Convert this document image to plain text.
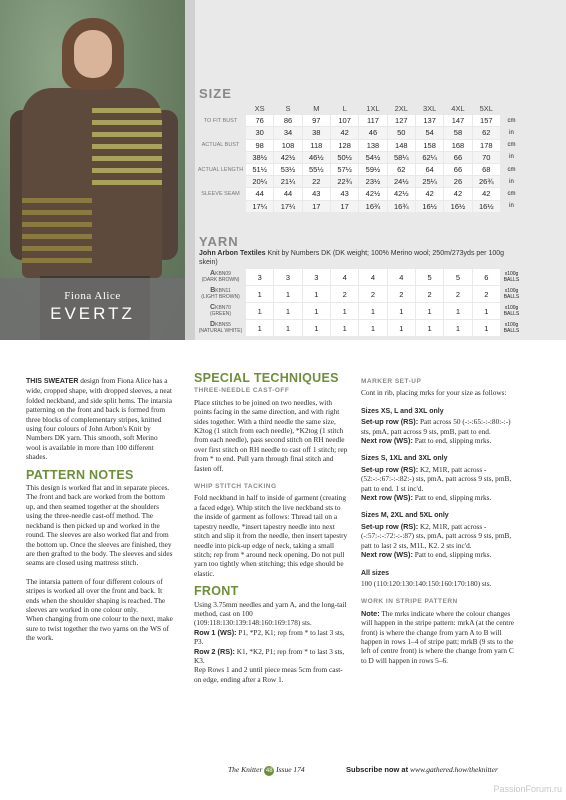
Fiona Alice
EVERTZ
SIZE
	XS	S	M	L	1XL	2XL	3XL	4XL	5XL	
TO FIT BUST	76	86	97	107	117	127	137	147	157	cm
	30	34	38	42	46	50	54	58	62	in
ACTUAL BUST	98	108	118	128	138	148	158	168	178	cm
	38½	42½	46½	50½	54½	58¼	62¼	66	70	in
ACTUAL LENGTH	51½	53½	55½	57½	59½	62	64	66	68	cm
	20¼	21¼	22	22¾	23½	24½	25¼	26	26¾	in
SLEEVE SEAM	44	44	43	43	42½	42½	42	42	42	cm
	17¼	17¼	17	17	16¾	16¾	16½	16½	16½	in
YARN
John Arbon Textiles Knit by Numbers DK (DK weight; 100% Merino wool; 250m/273yds per 100g skein)
AKBN09
(DARK BROWN)	3	3	3	4	4	4	5	5	6	x100g BALLS
BKBN11
(LIGHT BROWN)	1	1	1	2	2	2	2	2	2	x100g BALLS
CKBN70
(GREEN)	1	1	1	1	1	1	1	1	1	x100g BALLS
DKBN55
(NATURAL WHITE)	1	1	1	1	1	1	1	1	1	x100g BALLS

THIS SWEATER design from Fiona Alice has a wide, cropped shape, with dropped sleeves, a neat folded neckband, and side split hems. The intarsia patterning on the front and back is formed from three blocks of complementary stripes, knitted using four colours of John Arbon's Knit by Numbers DK yarn. This smooth, soft Merino wool is available in more than 100 different shades.

PATTERN NOTES

This design is worked flat and in separate pieces. The front and back are worked from the bottom up, and then seamed together at the shoulders using the three-needle cast-off method. The neckband is then picked up and worked in the round. The sleeves are also worked flat and from the bottom up. Once the sleeves are finished, they are then grafted to the body. The sleeves and sides seams are closed using mattress stitch.

The intarsia pattern of four different colours of stripes is worked all over the front and back. It ends when the shoulder shaping is reached. The sleeves are worked in one colour only.

When changing from one colour to the next, make sure to twist together the two yarns on the WS of the work.

SPECIAL TECHNIQUES
THREE-NEEDLE CAST-OFF

Place stitches to be joined on two needles, with points facing in the same direction, and with right sides together. With a third needle the same size, K2tog (1 stitch from each needle), *K2tog (1 stitch from each needle), pass second stitch on RH needle over first stitch on RH needle to cast off 1 stitch; rep from * to end. Pull yarn through final stitch and fasten off.

WHIP STITCH TACKING

Fold neckband in half to inside of garment (creating a faced edge). Whip stitch the live neckband sts to the inside of garment as follows: Thread tail on a tapestry needle, *insert tapestry needle into next stitch and slip it from the needle, then insert tapestry needle into pick-up edge of neck, taking a small stitch; rep from * around neck opening. Do not pull yarn too tightly when stitching; this edge should be elastic.

FRONT

Using 3.75mm needles and yarn A, and the long-tail method, cast on 100 (109:118:130:139:148:160:169:178) sts.

Row 1 (WS): P1, *P2, K1; rep from * to last 3 sts, P3.

Row 2 (RS): K1, *K2, P1; rep from * to last 3 sts, K3.

Rep Rows 1 and 2 until piece meas 5cm from cast-on edge, ending after a Row 1.

MARKER SET-UP

Cont in rib, placing mrks for your size as follows:

Sizes XS, L and 3XL only

Set-up row (RS): Patt across 50 (-:-:65:-:-:80:-:-) sts, pmA, patt across 9 sts, pmB, patt to end.

Next row (WS): Patt to end, slipping mrks.

Sizes S, 1XL and 3XL only

Set-up row (RS): K2, M1R, patt across - (52:-:-:67:-:-:82:-) sts, pmA, patt across 9 sts, pmB, patt to end. 1 st inc'd.

Next row (WS): Patt to end, slipping mrks.

Sizes M, 2XL and 5XL only

Set-up row (RS): K2, M1R, patt across - (-:57:-:-:72:-:-:87) sts, pmA, patt across 9 sts, pmB, patt to last 2 sts, M1L, K2. 2 sts inc'd.

Next row (WS): Patt to end, slipping mrks.

All sizes

100 (110:120:130:140:150:160:170:180) sts.

WORK IN STRIPE PATTERN

Note: The mrks indicate where the colour changes will happen in the stripe pattern: mrkA (at the centre front) is where the change from yarn A to B will happen in rows 1–4 of stripe patt; mrkB (9 sts to the left of centre front) is where the change from yarn C to D will happen in rows 5–6.

The Knitter 48 Issue 174	Subscribe now at www.gathered.how/theknitter
PassionForum.ru
